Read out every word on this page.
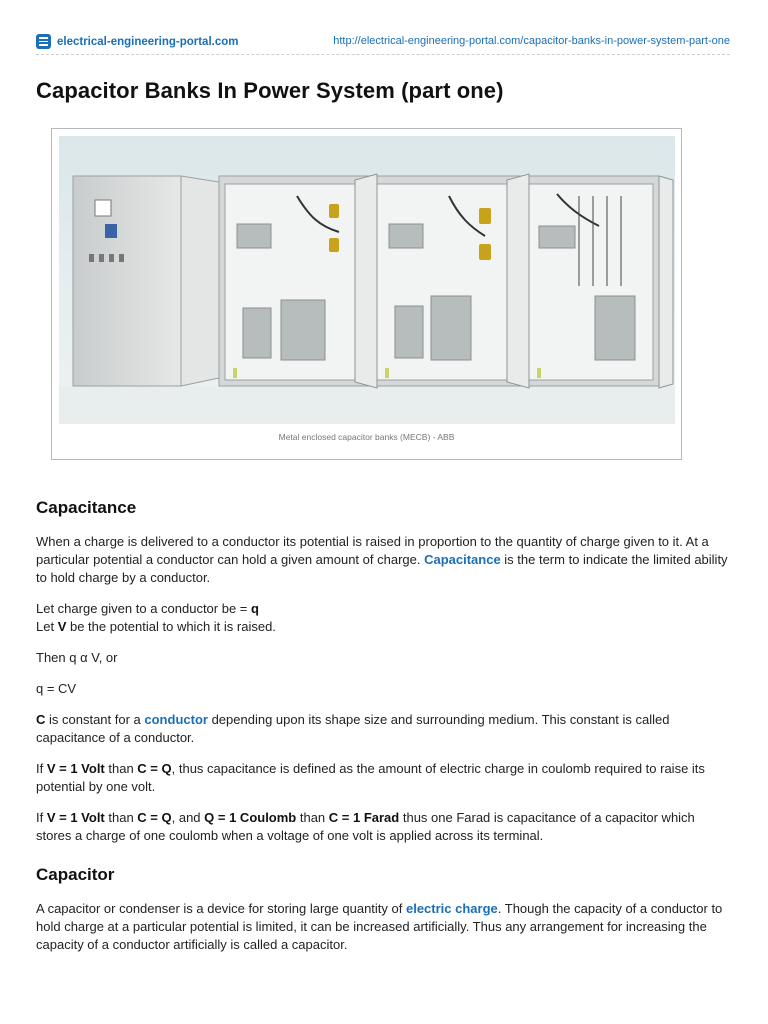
electrical-engineering-portal.com	http://electrical-engineering-portal.com/capacitor-banks-in-power-system-part-one
Capacitor Banks In Power System (part one)
Metal enclosed capacitor banks (MECB) - ABB
Capacitance

When a charge is delivered to a conductor its potential is raised in proportion to the quantity of charge given to it. At a particular potential a conductor can hold a given amount of charge. Capacitance is the term to indicate the limited ability to hold charge by a conductor.

Let charge given to a conductor be = q
Let V be the potential to which it is raised.

Then q α V, or

q = CV

C is constant for a conductor depending upon its shape size and surrounding medium. This constant is called capacitance of a conductor.

If V = 1 Volt than C = Q, thus capacitance is defined as the amount of electric charge in coulomb required to raise its potential by one volt.

If V = 1 Volt than C = Q, and Q = 1 Coulomb than C = 1 Farad thus one Farad is capacitance of a capacitor which stores a charge of one coulomb when a voltage of one volt is applied across its terminal.

Capacitor

A capacitor or condenser is a device for storing large quantity of electric charge. Though the capacity of a conductor to hold charge at a particular potential is limited, it can be increased artificially. Thus any arrangement for increasing the capacity of a conductor artificially is called a capacitor.
